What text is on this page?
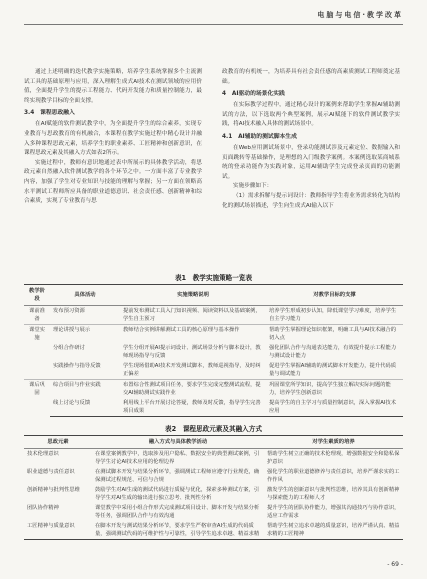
电脑与电信·教学改革

通过上述明确的迭代教学实施策略，培养学生系统掌握多个主流测试工具的基础原理与应用，深入理解生成式AI技术在测试领域的应用价值，全面提升学生的提示工程能力、代码开发能力和质量控制能力，最终实现教学目标的全面支撑。

3.4　课程思政融入

在AI赋能的软件测试教学中，为全面提升学生的综合素养，实现专业教育与思政教育的有机融合，本课程在教学实施过程中精心设计并融入多种课程思政元素，培养学生的职业素养、工匠精神和创新意识，在课程思政元素及其融入方式如表2所示。

实施过程中，教师有意识地通过表中所展示的具体教学活动，将思政元素自然融入软件测试教学的各个环节之中。一方面丰富了专业教学内容，加强了学生对专业知识与技能的理解与掌握；另一方面在领略高水平测试工程师所应具备的职业道德意识、社会责任感、创新精神和综合素质，实现了专业教育与思

政教育的有机统一，为培养具有社会责任感的高素质测试工程师奠定基础。

4　AI驱动的场景化实践

在实际教学过程中，通过精心设计的案例来帮助学生掌握AI辅助测试的方法，以下选取两个典型案例，展示AI赋能下的软件测试教学实践，将AI技术融入具体的测试场景中。

4.1　AI辅助的测试脚本生成

在Web应用测试场景中，登录功能测试涉及元素定位、数据输入和页面跳转等基础操作，是理想的入门级教学案例。本案例选取某商城系统的登录功能作为实践对象，运用AI辅助学生完成登录页面的功能测试。

实施步骤如下：

（1）需求拆解与提示词设计：教师指导学生将业务需求转化为结构化的测试场景描述，学生向生成式AI输入以下

表1　教学实施策略一览表
教学阶段	具体活动	实施策略说明	对教学目标的支撑
课前准备	发布预习资源	提前发布测试工具入门知识视频、阅读资料以及基础案例，学生自主预习	培养学生形成初步认知，降低课堂学习难度，培养学生自主学习能力
课堂实施	理论讲授与展示	教师结合实例讲解测试工具的核心原理与基本操作	帮助学生掌握理论知识框架，明确工具与AI技术融合的切入点
	分组合作研讨	学生分组开展AI提示词设计、测试场景分析与脚本设计，教师现场指导与反馈	强化团队合作与沟通表达能力，有效提升提示工程能力与测试设计能力
	实践操作与指导反馈	学生现场借助AI技术开发测试脚本，教师巡视指导，及时纠正偏差	促进学生掌握AI辅助的测试脚本开发能力，提升代码质量与调试能力
课后巩固	综合项目与作业实践	布置综合性测试项目任务，要求学生完成完整测试流程，提交AI辅助测试实践作业	巩固课堂所学知识，提高学生独立解决实际问题的能力，培养学生创新意识
	线上讨论与反馈	利用线上平台开展讨论答疑，教师及时反馈，指导学生完善项目成果	提高学生的自主学习与质量控制意识，深入掌握AI技术应用
表2　课程思政元素及其融入方式
思政元素	融入方式与具体教学活动	对学生素质的培养
技术伦理意识	在课堂案例教学中，选取涉及用户隐私、数据安全的典型测试案例，引导学生讨论AI技术应用的伦理边界	帮助学生树立正确的技术伦理观，增强数据安全和隐私保护意识
职业道德与责任意识	在测试脚本开发与结果分析环节，强调测试工程师应遵守行业规范，确保测试过程规范、可信与合规	强化学生的职业道德修养与责任意识，培养严谨求实的工作作风
创新精神与批判性思维	鼓励学生对AI生成的测试代码进行质疑与优化，探索多种测试方案，引导学生对AI生成的输出进行独立思考、批判性分析	激发学生的创新意识与批判性思维，培养其具有创新精神与探索能力的工程师人才
团队协作精神	课堂教学中采用小组合作形式完成测试项目设计、脚本开发与结果分析等任务，强调团队合作与有效沟通	提升学生的团队协作能力，增强其沟通技巧与协作意识，适应工作需求
工匠精神与质量意识	在脚本开发与测试结果分析环节，要求学生严格审查AI生成的代码质量，强调测试代码的可维护性与可靠性，引导学生追求卓越、精益求精	帮助学生树立追求卓越的质量意识，培养严谨认真、精益求精的工匠精神
- 69 -
